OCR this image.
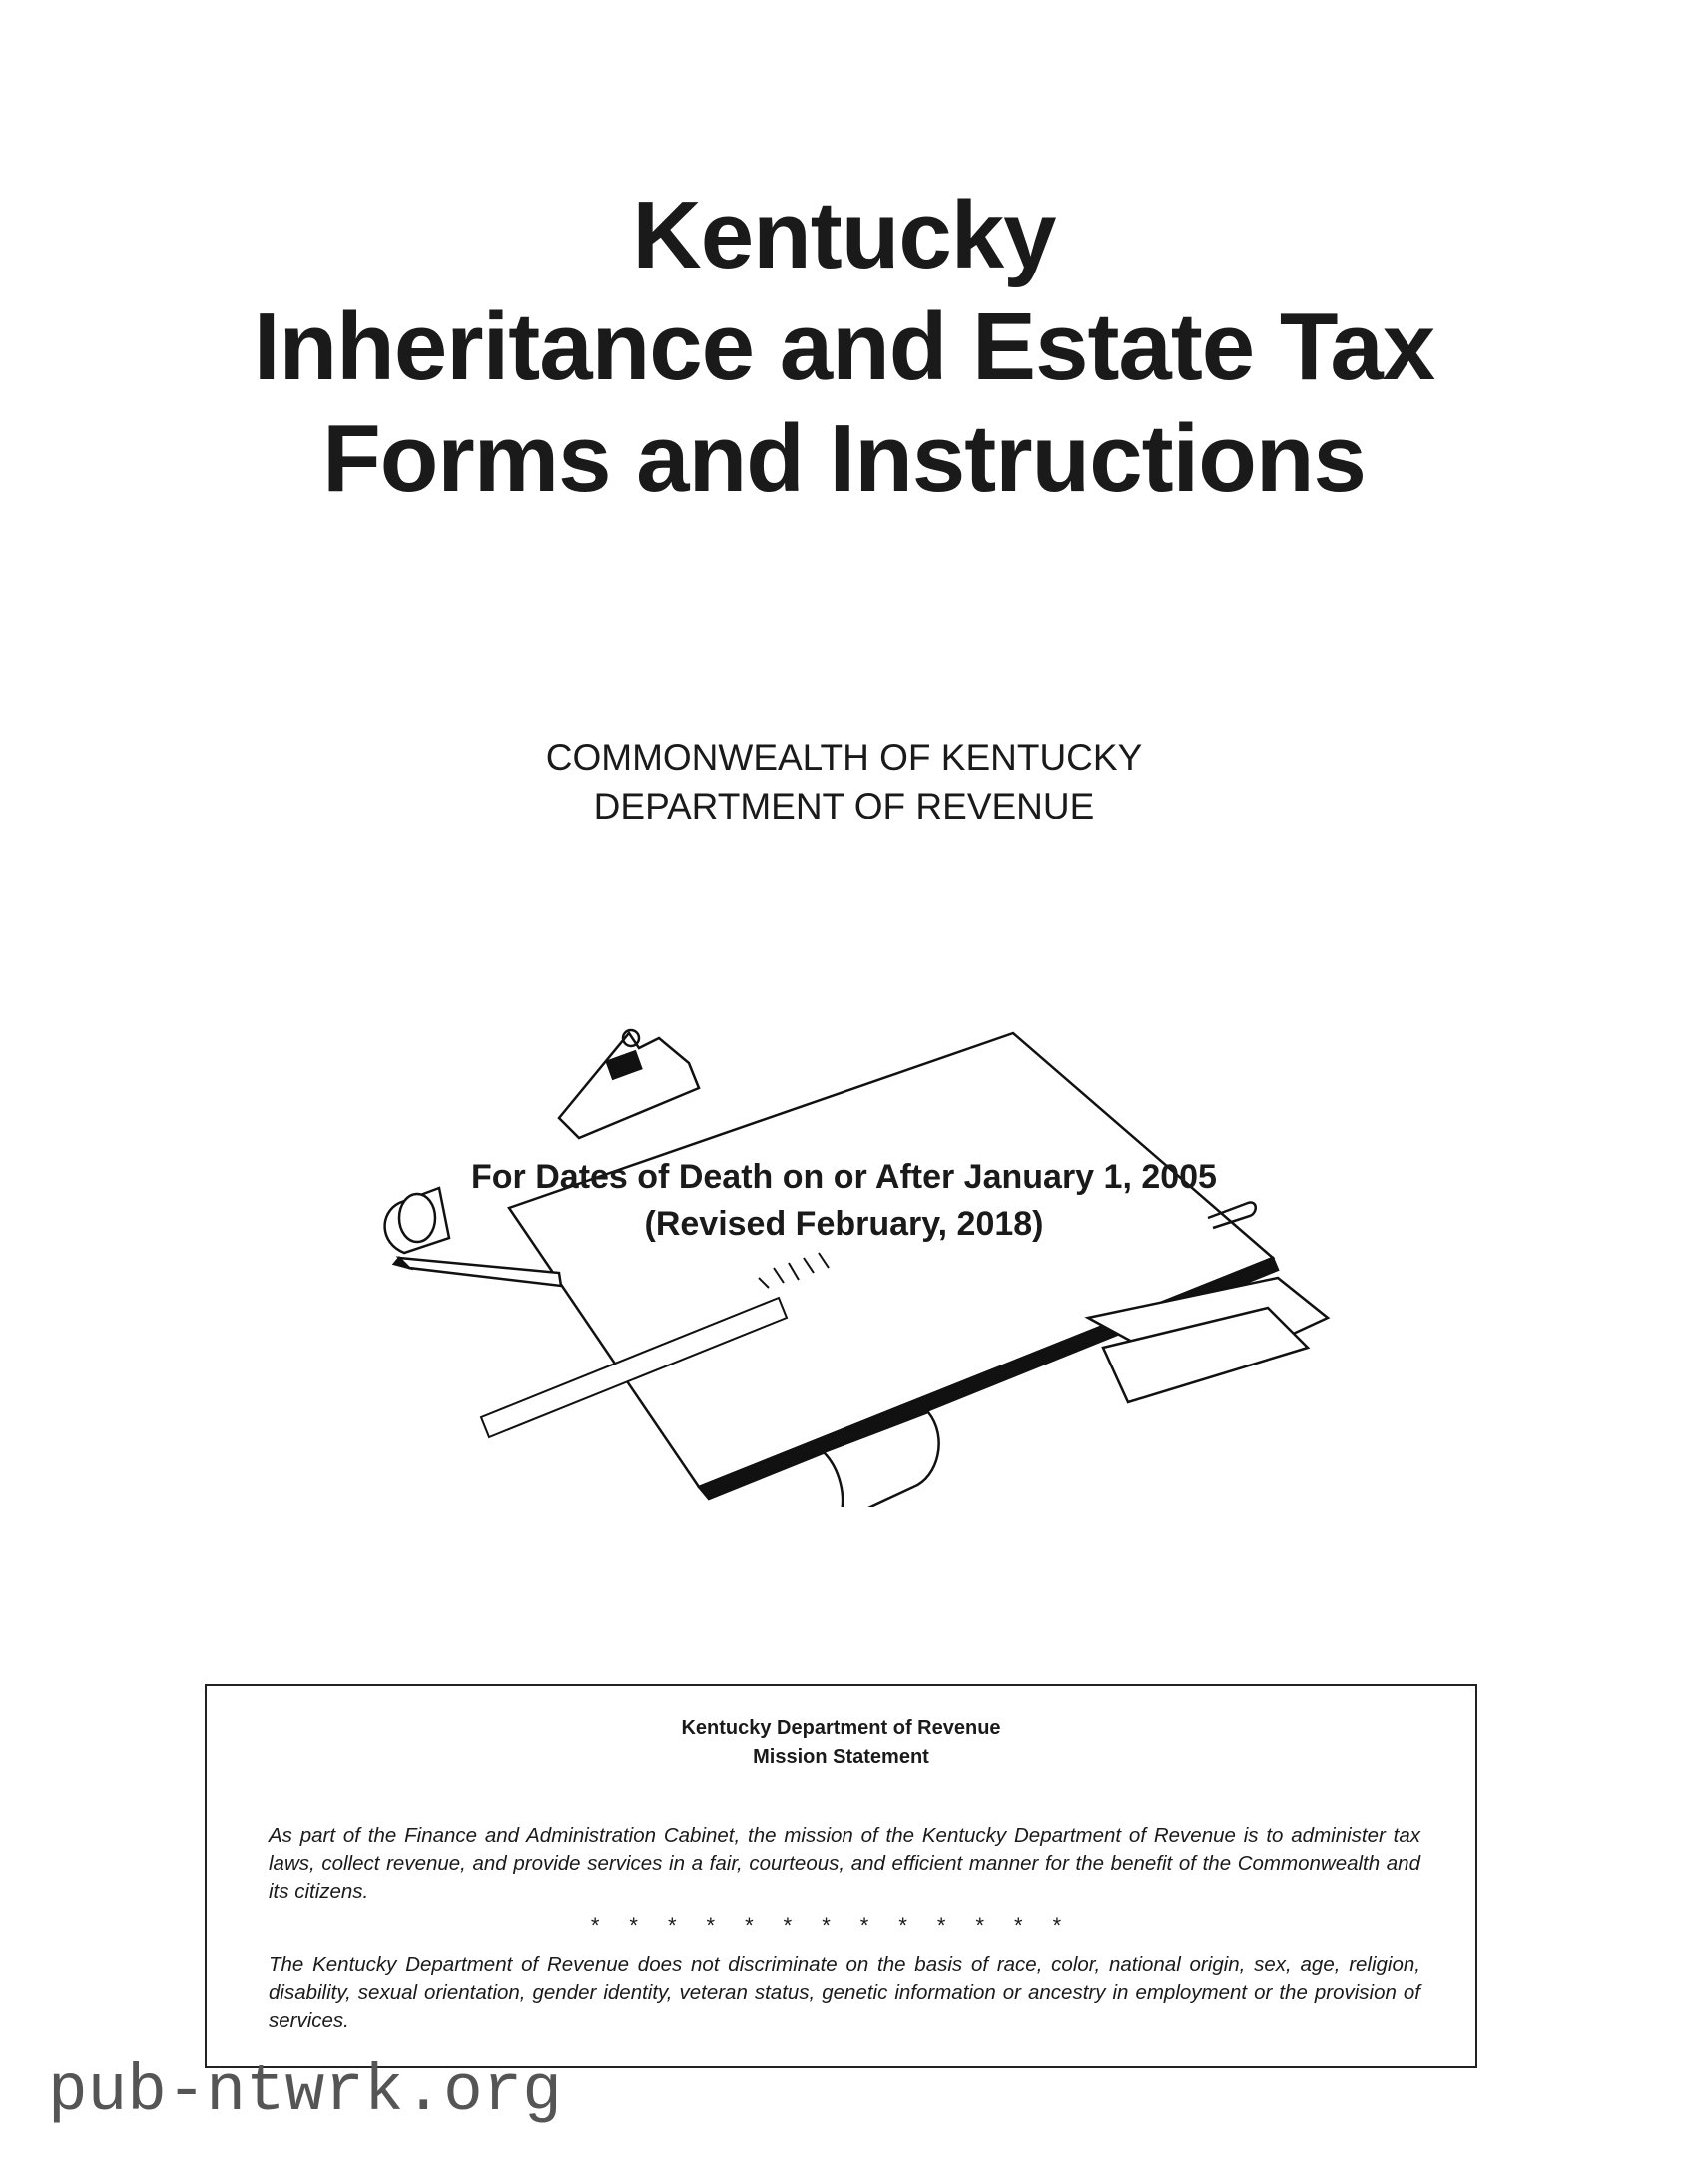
Kentucky
Inheritance and Estate Tax
Forms and Instructions
COMMONWEALTH OF KENTUCKY
DEPARTMENT OF REVENUE
For Dates of Death on or After January 1, 2005
(Revised February, 2018)
Kentucky Department of Revenue
Mission Statement
As part of the Finance and Administration Cabinet, the mission of the Kentucky Department of Revenue is to administer tax laws, collect revenue, and provide services in a fair, courteous, and efficient manner for the benefit of the Commonwealth and its citizens.
*************
The Kentucky Department of Revenue does not discriminate on the basis of race, color, national origin, sex, age, religion, disability, sexual orientation, gender identity, veteran status, genetic information or ancestry in employment or the provision of services.
pub-ntwrk.org
